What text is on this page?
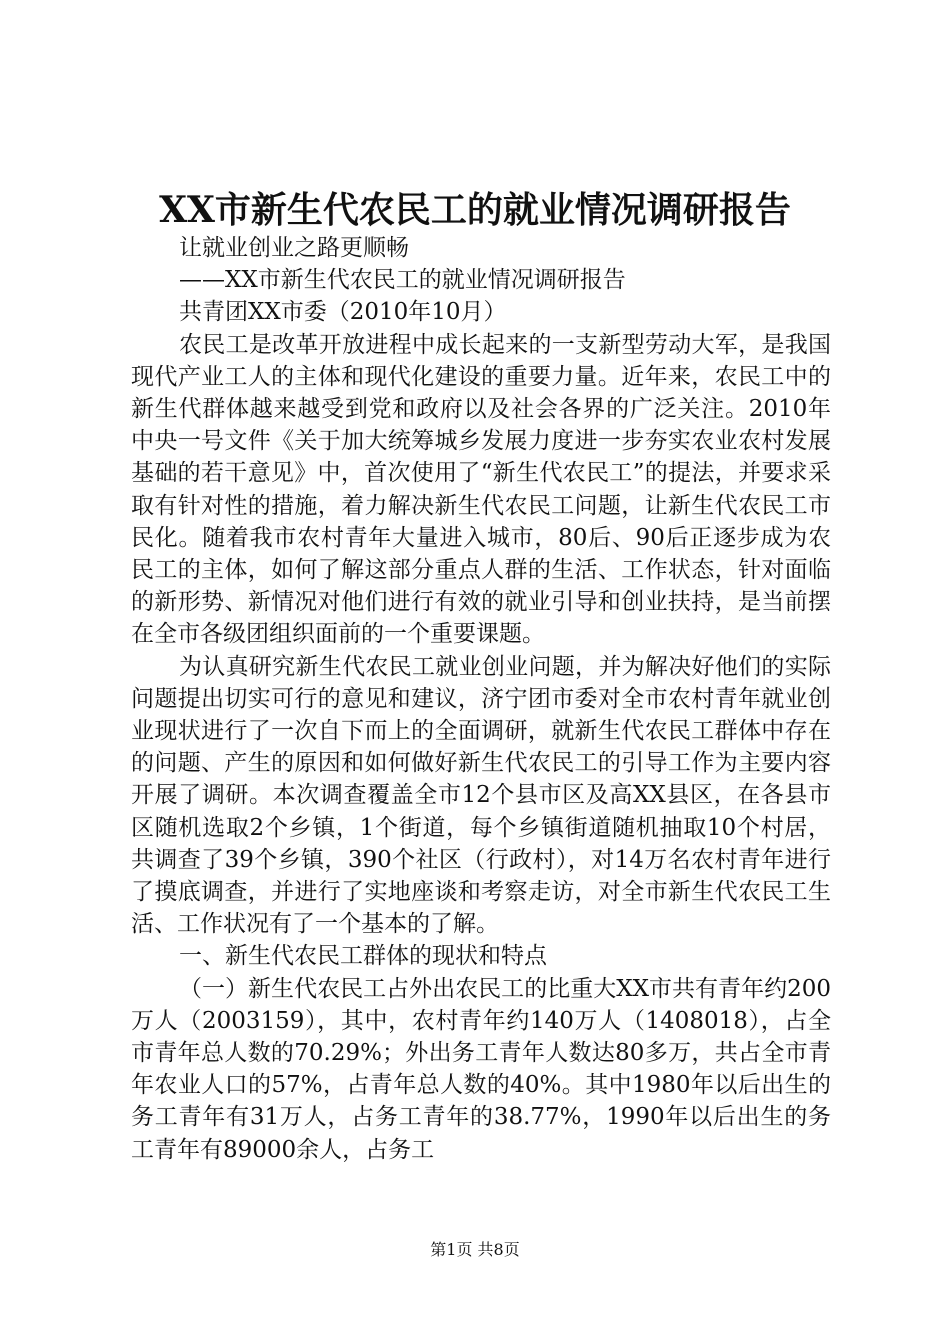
XX市新生代农民工的就业情况调研报告

让就业创业之路更顺畅

——XX市新生代农民工的就业情况调研报告

共青团XX市委（2010年10月）

农民工是改革开放进程中成长起来的一支新型劳动大军，是我国现代产业工人的主体和现代化建设的重要力量。近年来，农民工中的新生代群体越来越受到党和政府以及社会各界的广泛关注。2010年中央一号文件《关于加大统筹城乡发展力度进一步夯实农业农村发展基础的若干意见》中，首次使用了“新生代农民工”的提法，并要求采取有针对性的措施，着力解决新生代农民工问题，让新生代农民工市民化。随着我市农村青年大量进入城市，80后、90后正逐步成为农民工的主体，如何了解这部分重点人群的生活、工作状态，针对面临的新形势、新情况对他们进行有效的就业引导和创业扶持，是当前摆在全市各级团组织面前的一个重要课题。

为认真研究新生代农民工就业创业问题，并为解决好他们的实际问题提出切实可行的意见和建议，济宁团市委对全市农村青年就业创业现状进行了一次自下而上的全面调研，就新生代农民工群体中存在的问题、产生的原因和如何做好新生代农民工的引导工作为主要内容开展了调研。本次调查覆盖全市12个县市区及高XX县区，在各县市区随机选取2个乡镇，1个街道，每个乡镇街道随机抽取10个村居，共调查了39个乡镇，390个社区（行政村），对14万名农村青年进行了摸底调查，并进行了实地座谈和考察走访，对全市新生代农民工生活、工作状况有了一个基本的了解。

一、新生代农民工群体的现状和特点

（一）新生代农民工占外出农民工的比重大XX市共有青年约200万人（2003159），其中，农村青年约140万人（1408018），占全市青年总人数的70.29%；外出务工青年人数达80多万，共占全市青年农业人口的57%，占青年总人数的40%。其中1980年以后出生的务工青年有31万人，占务工青年的38.77%，1990年以后出生的务工青年有89000余人，占务工

第1页 共8页
